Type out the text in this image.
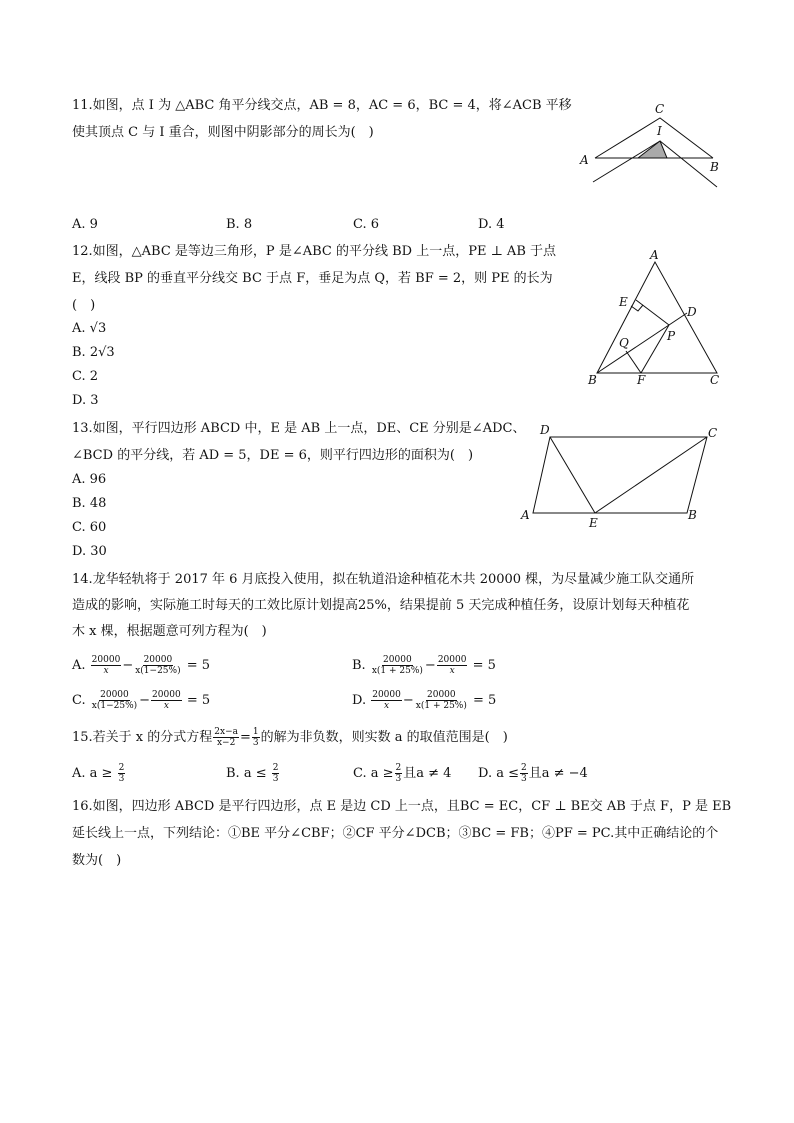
11.如图，点 I 为 △ABC 角平分线交点，AB = 8，AC = 6，BC = 4，将∠ACB 平移
使其顶点 C 与 I 重合，则图中阴影部分的周长为(　)
C
I
A	B
A. 9	B. 8	C. 6	D. 4
12.如图，△ABC 是等边三角形，P 是∠ABC 的平分线 BD 上一点，PE ⊥ AB 于点
E，线段 BP 的垂直平分线交 BC 于点 F，垂足为点 Q，若 BF = 2，则 PE 的长为
(　)
A. √3
B. 2√3
C. 2
D. 3
A
E
D
Q	P
B	F	C
13.如图，平行四边形 ABCD 中，E 是 AB 上一点，DE、CE 分别是∠ADC、
∠BCD 的平分线，若 AD = 5，DE = 6，则平行四边形的面积为(　)
A. 96
B. 48
C. 60
D. 30
D	C
A
E
B
14.龙华轻轨将于 2017 年 6 月底投入使用，拟在轨道沿途种植花木共 20000 棵，为尽量减少施工队交通所
造成的影响，实际施工时每天的工效比原计划提高25%，结果提前 5 天完成种植任务，设原计划每天种植花
木 x 棵，根据题意可列方程为(　)
A. $\frac{20000}{x} - \frac{20000}{x(1-25\%)} = 5$	B. $\frac{20000}{x(1 + 25\%)} - \frac{20000}{x} = 5$
C. $\frac{20000}{x(1-25\%)} - \frac{20000}{x} = 5$	D. $\frac{20000}{x} - \frac{20000}{x(1 + 25\%)} = 5$
15.若关于 x 的分式方程 $\frac{2x-a}{x-2} = \frac{1}{3}$ 的解为非负数，则实数 a 的取值范围是(　)
A. $a \ge \frac{2}{3}$	B. $a \le \frac{2}{3}$	C. $a \ge \frac{2}{3}$ 且a ≠ 4 D. $a \le \frac{2}{3}$ 且a ≠ −4
16.如图，四边形 ABCD 是平行四边形，点 E 是边 CD 上一点，且BC = EC，CF ⊥ BE交 AB 于点 F，P 是 EB
延长线上一点，下列结论：①BE 平分∠CBF；②CF 平分∠DCB；③BC = FB；④PF = PC.其中正确结论的个
数为(　)
